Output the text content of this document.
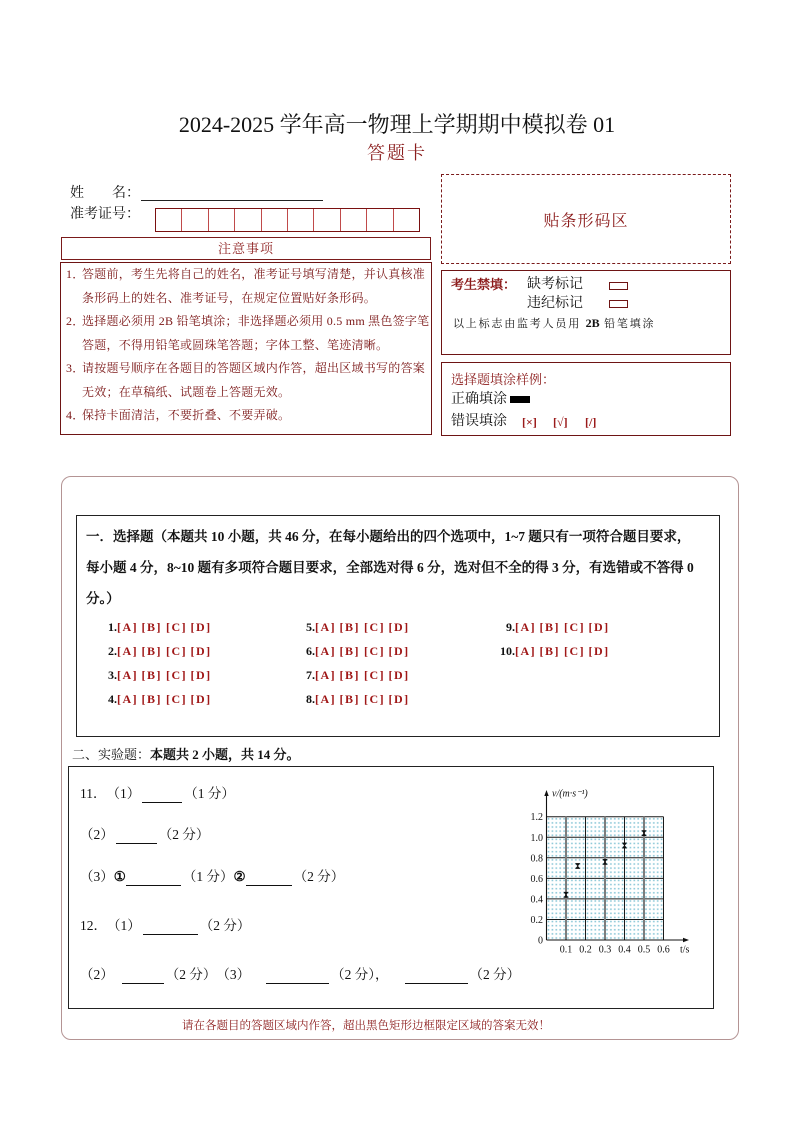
2024-2025 学年高一物理上学期期中模拟卷 01
答题卡
姓　　名：
准考证号：
注意事项
1．
答题前，考生先将自己的姓名，准考证号填写清楚，并认真核准
条形码上的姓名、准考证号，在规定位置贴好条形码。
2．
选择题必须用 2B 铅笔填涂；非选择题必须用 0.5 mm 黑色签字笔
答题，不得用铅笔或圆珠笔答题；字体工整、笔迹清晰。
3．
请按题号顺序在各题目的答题区域内作答，超出区域书写的答案
无效；在草稿纸、试题卷上答题无效。
4．
保持卡面清洁，不要折叠、不要弄破。
贴条形码区
考生禁填： 缺考标记
违纪标记
以上标志由监考人员用 2B 铅笔填涂
选择题填涂样例：
正确填涂
错误填涂 [×] [√] [/]
一．选择题（本题共 10 小题，共 46 分，在每小题给出的四个选项中，1~7 题只有一项符合题目要求，
每小题 4 分，8~10 题有多项符合题目要求，全部选对得 6 分，选对但不全的得 3 分，有选错或不答得 0
分。）
1. [A] [B] [C] [D]
2. [A] [B] [C] [D]
3. [A] [B] [C] [D]
4. [A] [B] [C] [D]
5. [A] [B] [C] [D]
6. [A] [B] [C] [D]
7. [A] [B] [C] [D]
8. [A] [B] [C] [D]
9. [A] [B] [C] [D]
10. [A] [B] [C] [D]
二、实验题：本题共 2 小题，共 14 分。
11． （1）	（1 分）
（2）	（2 分）
（3） ①	（1 分） ②	（2 分）
12． （1）	（2 分）
（2）	（2 分） （3）	（2 分），	（2 分）
0
0.2
0.4
0.6
0.8
1.0
1.2
0.1 0.2 0.3 0.4 0.5 0.6
v/(m·s⁻¹)
t/s
请在各题目的答题区域内作答，超出黑色矩形边框限定区域的答案无效！
